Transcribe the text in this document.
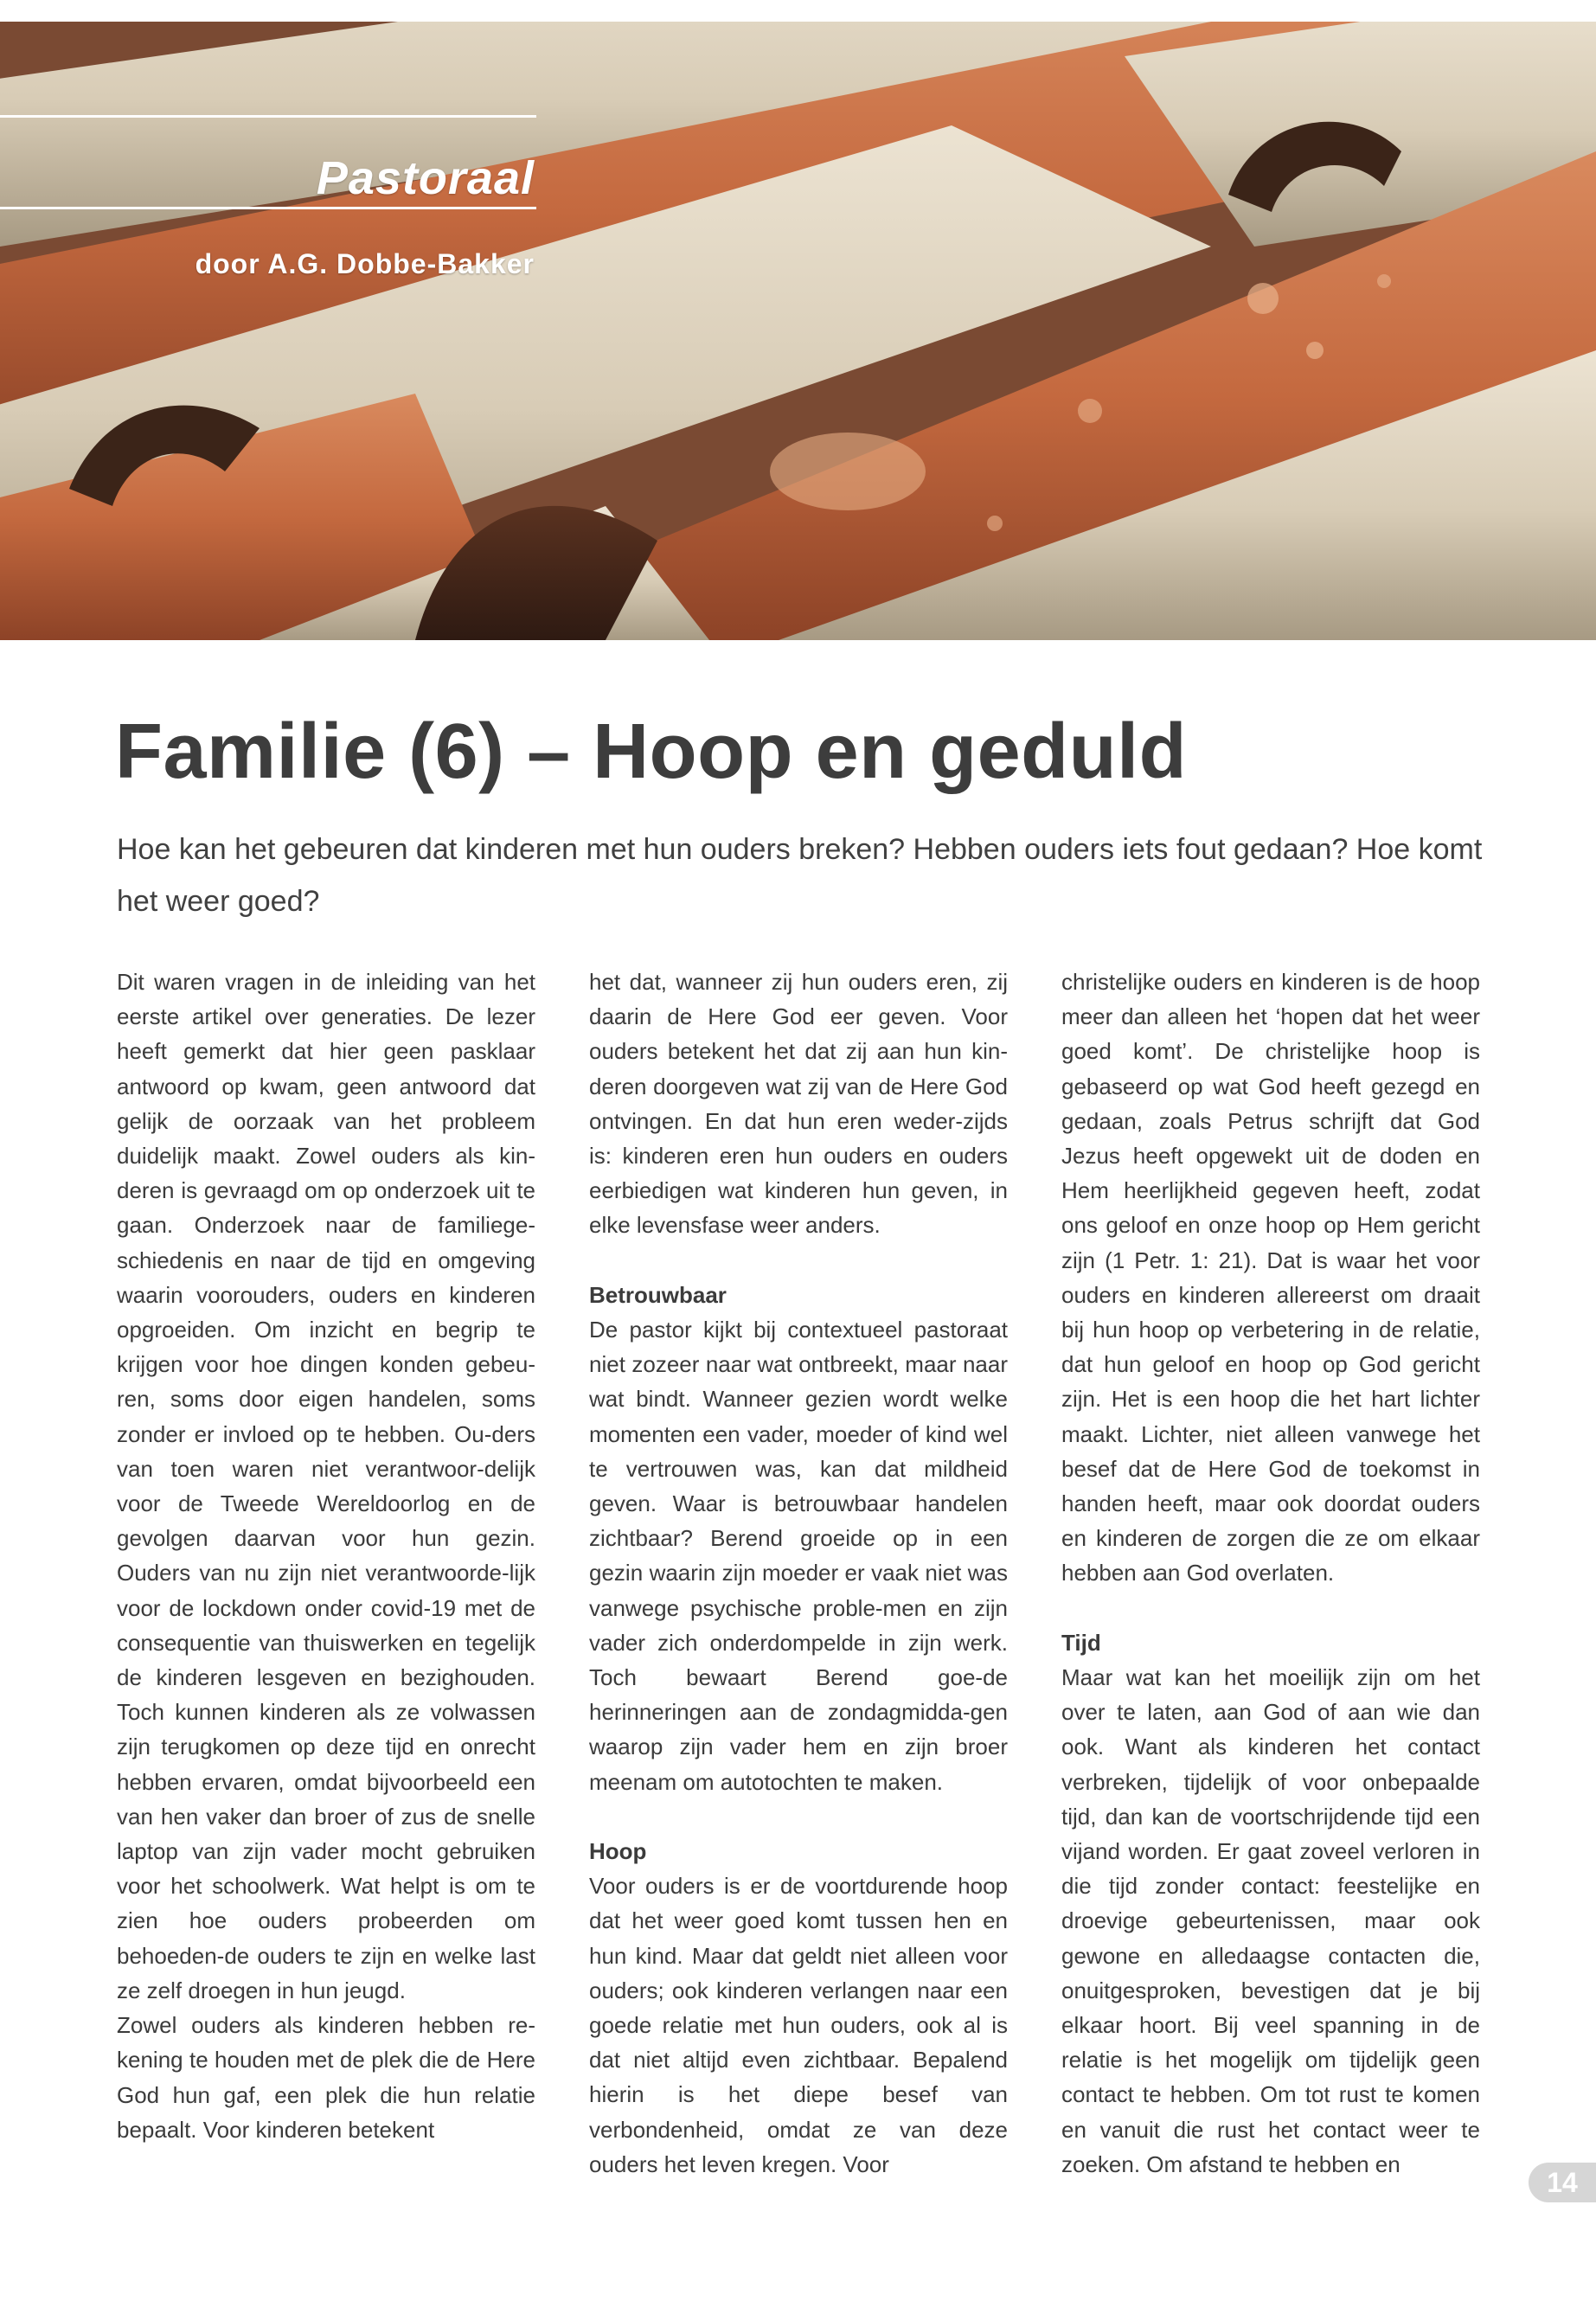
Pastoraal
door A.G. Dobbe-Bakker
Familie (6) – Hoop en geduld

Hoe kan het gebeuren dat kinderen met hun ouders breken? Hebben ouders iets fout gedaan? Hoe komt het weer goed?

Dit waren vragen in de inleiding van het eerste artikel over generaties. De lezer heeft gemerkt dat hier geen pasklaar antwoord op kwam, geen antwoord dat gelijk de oorzaak van het probleem duidelijk maakt. Zowel ouders als kin-deren is gevraagd om op onderzoek uit te gaan. Onderzoek naar de familiege-schiedenis en naar de tijd en omgeving waarin voorouders, ouders en kinderen opgroeiden. Om inzicht en begrip te krijgen voor hoe dingen konden gebeu-ren, soms door eigen handelen, soms zonder er invloed op te hebben. Ou-ders van toen waren niet verantwoor-delijk voor de Tweede Wereldoorlog en de gevolgen daarvan voor hun gezin. Ouders van nu zijn niet verantwoorde-lijk voor de lockdown onder covid-19 met de consequentie van thuiswerken en tegelijk de kinderen lesgeven en bezighouden. Toch kunnen kinderen als ze volwassen zijn terugkomen op deze tijd en onrecht hebben ervaren, omdat bijvoorbeeld een van hen vaker dan broer of zus de snelle laptop van zijn vader mocht gebruiken voor het schoolwerk. Wat helpt is om te zien hoe ouders probeerden om behoeden-de ouders te zijn en welke last ze zelf droegen in hun jeugd.

Zowel ouders als kinderen hebben re-kening te houden met de plek die de Here God hun gaf, een plek die hun relatie bepaalt. Voor kinderen betekent

het dat, wanneer zij hun ouders eren, zij daarin de Here God eer geven. Voor ouders betekent het dat zij aan hun kin-deren doorgeven wat zij van de Here God ontvingen. En dat hun eren weder-zijds is: kinderen eren hun ouders en ouders eerbiedigen wat kinderen hun geven, in elke levensfase weer anders.

Betrouwbaar

De pastor kijkt bij contextueel pastoraat niet zozeer naar wat ontbreekt, maar naar wat bindt. Wanneer gezien wordt welke momenten een vader, moeder of kind wel te vertrouwen was, kan dat mildheid geven. Waar is betrouwbaar handelen zichtbaar? Berend groeide op in een gezin waarin zijn moeder er vaak niet was vanwege psychische proble-men en zijn vader zich onderdompelde in zijn werk. Toch bewaart Berend goe-de herinneringen aan de zondagmidda-gen waarop zijn vader hem en zijn broer meenam om autotochten te maken.

Hoop

Voor ouders is er de voortdurende hoop dat het weer goed komt tussen hen en hun kind. Maar dat geldt niet alleen voor ouders; ook kinderen verlangen naar een goede relatie met hun ouders, ook al is dat niet altijd even zichtbaar. Bepalend hierin is het diepe besef van verbondenheid, omdat ze van deze ouders het leven kregen. Voor

christelijke ouders en kinderen is de hoop meer dan alleen het ‘hopen dat het weer goed komt’. De christelijke hoop is gebaseerd op wat God heeft gezegd en gedaan, zoals Petrus schrijft dat God Jezus heeft opgewekt uit de doden en Hem heerlijkheid gegeven heeft, zodat ons geloof en onze hoop op Hem gericht zijn (1 Petr. 1: 21). Dat is waar het voor ouders en kinderen allereerst om draait bij hun hoop op verbetering in de relatie, dat hun geloof en hoop op God gericht zijn. Het is een hoop die het hart lichter maakt. Lichter, niet alleen vanwege het besef dat de Here God de toekomst in handen heeft, maar ook doordat ouders en kinderen de zorgen die ze om elkaar hebben aan God overlaten.

Tijd

Maar wat kan het moeilijk zijn om het over te laten, aan God of aan wie dan ook. Want als kinderen het contact verbreken, tijdelijk of voor onbepaalde tijd, dan kan de voortschrijdende tijd een vijand worden. Er gaat zoveel verloren in die tijd zonder contact: feestelijke en droevige gebeurtenissen, maar ook gewone en alledaagse contacten die, onuitgesproken, bevestigen dat je bij elkaar hoort. Bij veel spanning in de relatie is het mogelijk om tijdelijk geen contact te hebben. Om tot rust te komen en vanuit die rust het contact weer te zoeken. Om afstand te hebben en

14
